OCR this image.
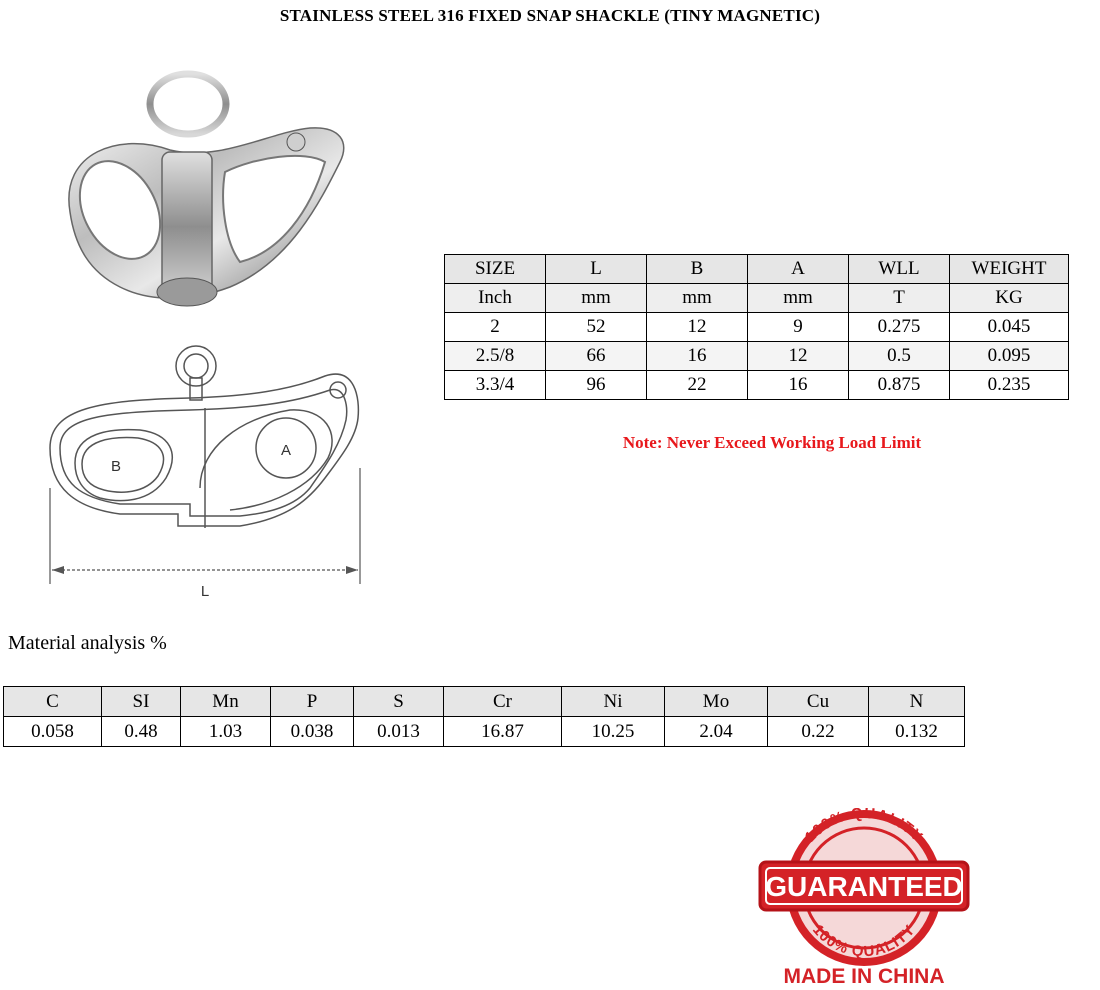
STAINLESS STEEL 316 FIXED SNAP SHACKLE (TINY MAGNETIC)
B
A
L
SIZE	L	B	A	WLL	WEIGHT
Inch	mm	mm	mm	T	KG
2	52	12	9	0.275	0.045
2.5/8	66	16	12	0.5	0.095
3.3/4	96	22	16	0.875	0.235
Note: Never Exceed Working Load Limit
Material analysis %
C	SI	Mn	P	S	Cr	Ni	Mo	Cu	N
0.058	0.48	1.03	0.038	0.013	16.87	10.25	2.04	0.22	0.132
100% QUALITY
100% QUALITY
GUARANTEED
MADE IN CHINA
